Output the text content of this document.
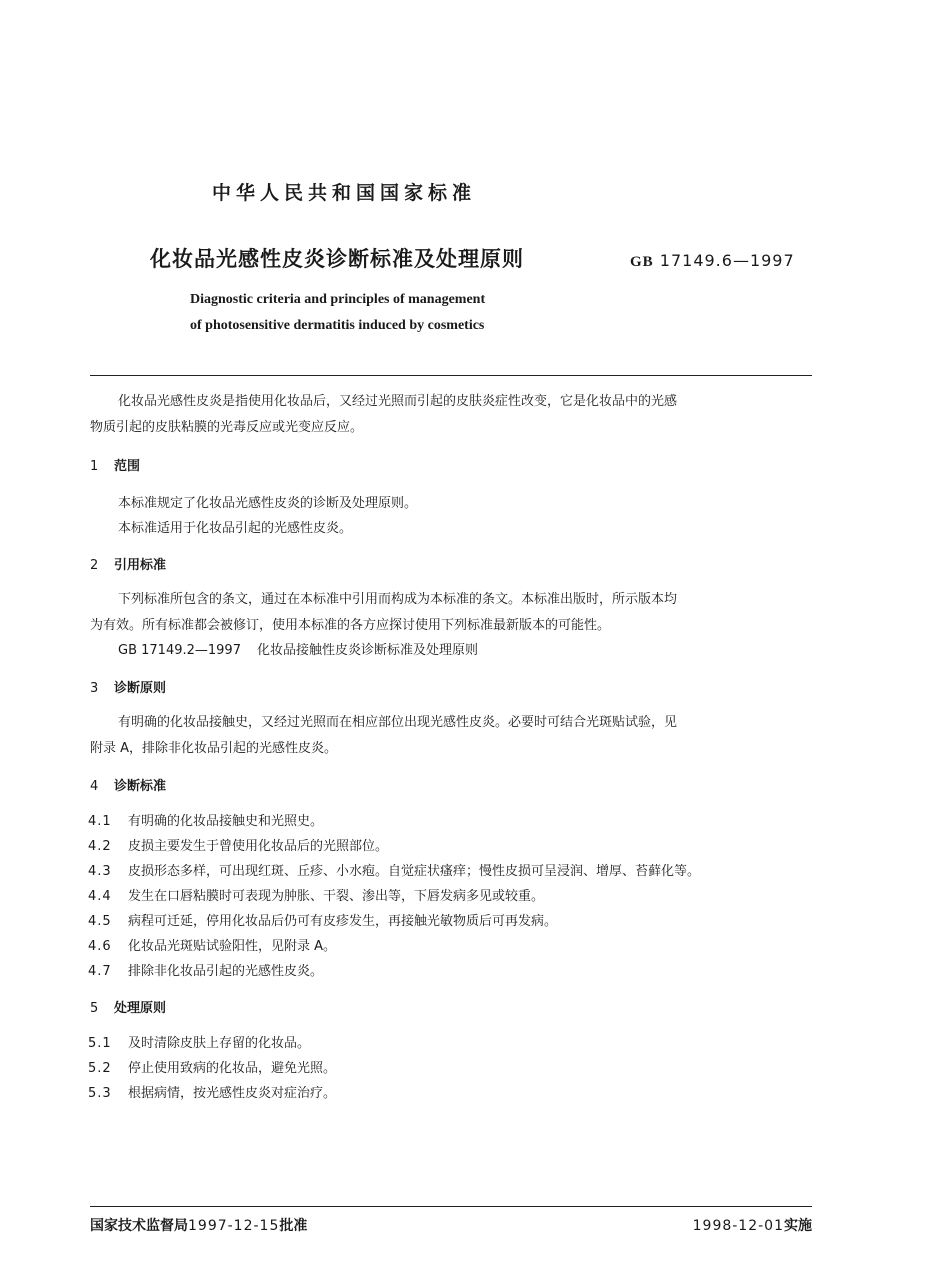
中华人民共和国国家标准
化妆品光感性皮炎诊断标准及处理原则	GB 17149.6—1997
Diagnostic criteria and principles of management
of photosensitive dermatitis induced by cosmetics
化妆品光感性皮炎是指使用化妆品后，又经过光照而引起的皮肤炎症性改变，它是化妆品中的光感
物质引起的皮肤粘膜的光毒反应或光变应反应。
1 范围
本标准规定了化妆品光感性皮炎的诊断及处理原则。
本标准适用于化妆品引起的光感性皮炎。
2 引用标准
下列标准所包含的条文，通过在本标准中引用而构成为本标准的条文。本标准出版时，所示版本均
为有效。所有标准都会被修订，使用本标准的各方应探讨使用下列标准最新版本的可能性。
GB 17149.2—1997 化妆品接触性皮炎诊断标准及处理原则
3 诊断原则
有明确的化妆品接触史，又经过光照而在相应部位出现光感性皮炎。必要时可结合光斑贴试验，见
附录 A，排除非化妆品引起的光感性皮炎。
4 诊断标准
4.1 有明确的化妆品接触史和光照史。
4.2 皮损主要发生于曾使用化妆品后的光照部位。
4.3 皮损形态多样，可出现红斑、丘疹、小水疱。自觉症状瘙痒；慢性皮损可呈浸润、增厚、苔藓化等。
4.4 发生在口唇粘膜时可表现为肿胀、干裂、渗出等，下唇发病多见或较重。
4.5 病程可迁延，停用化妆品后仍可有皮疹发生，再接触光敏物质后可再发病。
4.6 化妆品光斑贴试验阳性，见附录 A。
4.7 排除非化妆品引起的光感性皮炎。
5 处理原则
5.1 及时清除皮肤上存留的化妆品。
5.2 停止使用致病的化妆品，避免光照。
5.3 根据病情，按光感性皮炎对症治疗。
国家技术监督局1997-12-15批准	1998-12-01实施
